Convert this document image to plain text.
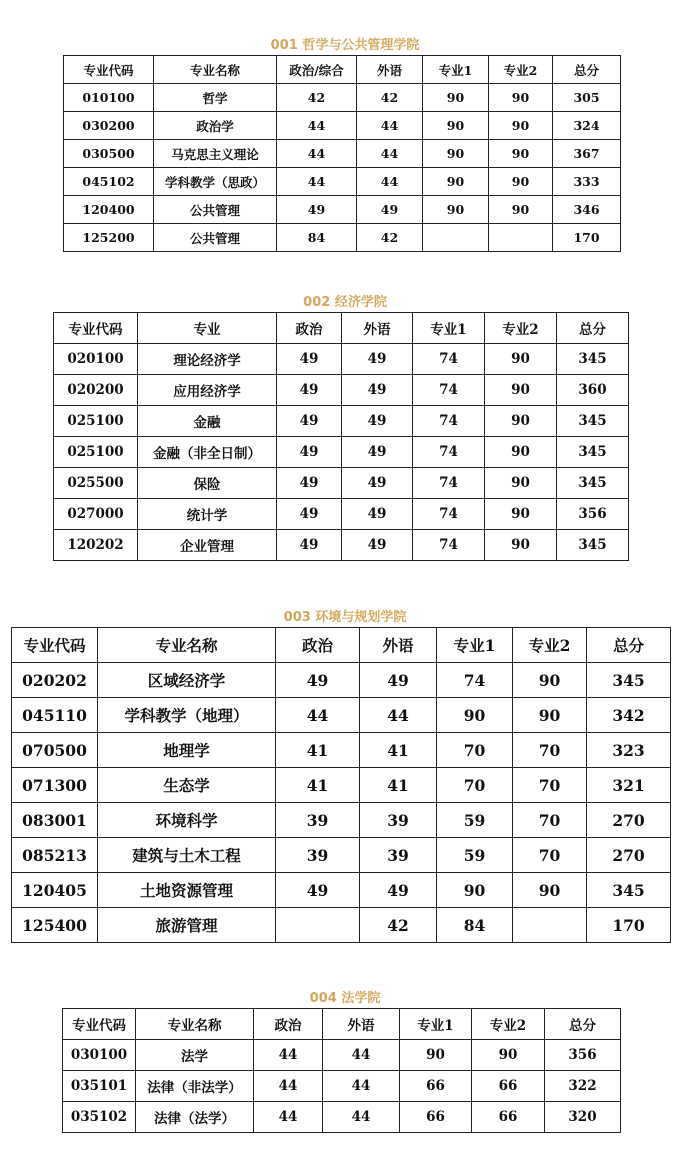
001 哲学与公共管理学院
专业代码	专业名称	政治/综合	外语	专业1	专业2	总分
010100	哲学	42	42	90	90	305
030200	政治学	44	44	90	90	324
030500	马克思主义理论	44	44	90	90	367
045102	学科教学（思政）	44	44	90	90	333
120400	公共管理	49	49	90	90	346
125200	公共管理	84	42			170
002 经济学院
专业代码	专业	政治	外语	专业1	专业2	总分
020100	理论经济学	49	49	74	90	345
020200	应用经济学	49	49	74	90	360
025100	金融	49	49	74	90	345
025100	金融（非全日制）	49	49	74	90	345
025500	保险	49	49	74	90	345
027000	统计学	49	49	74	90	356
120202	企业管理	49	49	74	90	345
003 环境与规划学院
专业代码	专业名称	政治	外语	专业1	专业2	总分
020202	区域经济学	49	49	74	90	345
045110	学科教学（地理）	44	44	90	90	342
070500	地理学	41	41	70	70	323
071300	生态学	41	41	70	70	321
083001	环境科学	39	39	59	70	270
085213	建筑与土木工程	39	39	59	70	270
120405	土地资源管理	49	49	90	90	345
125400	旅游管理		42	84		170
004 法学院
专业代码	专业名称	政治	外语	专业1	专业2	总分
030100	法学	44	44	90	90	356
035101	法律（非法学）	44	44	66	66	322
035102	法律（法学）	44	44	66	66	320
